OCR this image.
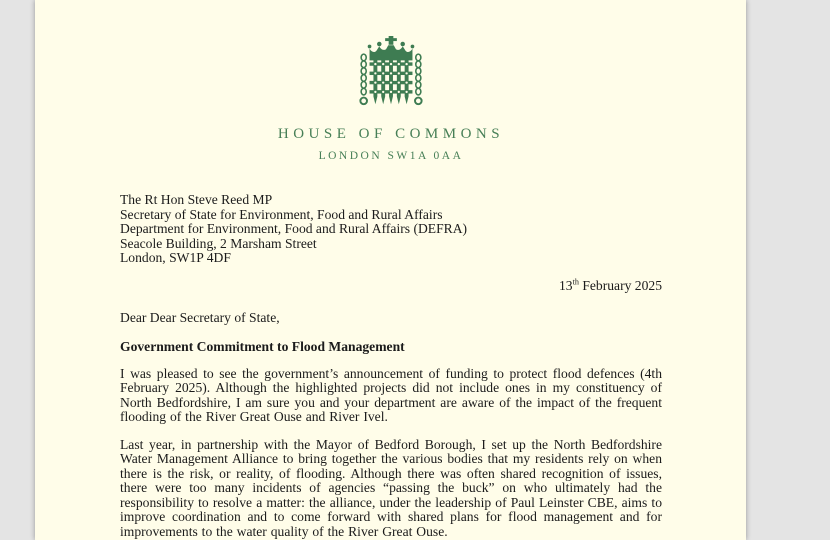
HOUSE OF COMMONS
LONDON SW1A 0AA
The Rt Hon Steve Reed MP
Secretary of State for Environment, Food and Rural Affairs
Department for Environment, Food and Rural Affairs (DEFRA)
Seacole Building, 2 Marsham Street
London, SW1P 4DF
13th February 2025

Dear Dear Secretary of State,

Government Commitment to Flood Management

I was pleased to see the government’s announcement of funding to protect flood defences (4th February 2025). Although the highlighted projects did not include ones in my constituency of North Bedfordshire, I am sure you and your department are aware of the impact of the frequent flooding of the River Great Ouse and River Ivel.

Last year, in partnership with the Mayor of Bedford Borough, I set up the North Bedfordshire Water Management Alliance to bring together the various bodies that my residents rely on when there is the risk, or reality, of flooding. Although there was often shared recognition of issues, there were too many incidents of agencies “passing the buck” on who ultimately had the responsibility to resolve a matter: the alliance, under the leadership of Paul Leinster CBE, aims to improve coordination and to come forward with shared plans for flood management and for improvements to the water quality of the River Great Ouse.
